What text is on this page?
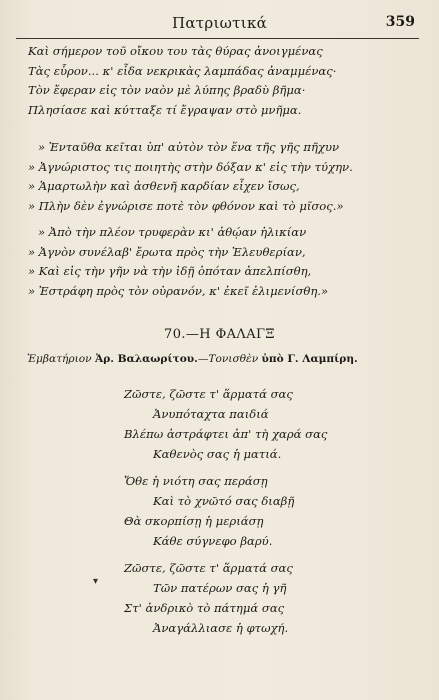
Πατριωτικά	359
Καὶ σήμερον τοῦ οἴκου του τὰς θύρας ἀνοιγμένας
Τὰς εὗρον... κ' εἶδα νεκρικὰς λαμπάδας ἀναμμένας·
Τὸν ἔφεραν εἰς τὸν ναὸν μὲ λύπης βραδὺ βῆμα·
Πλησίασε καὶ κύτταξε τί ἔγραψαν στὸ μνῆμα.
» Ἐνταῦθα κεῖται ὑπ' αὐτὸν τὸν ἕνα τῆς γῆς πῆχυν
» Ἀγνώριστος τις ποιητὴς στὴν δόξαν κ' εἰς τὴν τύχην.
» Ἁμαρτωλὴν καὶ ἀσθενῆ καρδίαν εἶχεν ἴσως,
» Πλὴν δὲν ἐγνώρισε ποτὲ τὸν φθόνον καὶ τὸ μῖσος.»
» Ἀπὸ τὴν πλέον τρυφερὰν κι' ἀθῴαν ἡλικίαν
» Ἀγνὸν συνέλαβ' ἔρωτα πρὸς τὴν Ἐλευθερίαν,
» Καὶ εἰς τὴν γῆν νὰ τὴν ἰδῇ ὁπόταν ἀπελπίσθη,
» Ἐστράφη πρὸς τὸν οὐρανόν, κ' ἐκεῖ ἐλιμενίσθη.»
70.—Η ΦΑΛΑΓΞ
Ἐμβατήριον Ἀρ. Βαλαωρίτου.—Τονισθὲν ὑπὸ Γ. Λαμπίρη.
Ζῶστε, ζῶστε τ' ἅρματά σας
Ἀνυπόταχτα παιδιά
Βλέπω ἀστράφτει ἀπ' τὴ χαρά σας
Καθενὸς σας ἡ ματιά.
Ὅθε ἡ νιότη σας περάσῃ
Καὶ τὸ χνῶτό σας διαβῇ
Θὰ σκορπίσῃ ἡ μεριάσῃ
Κάθε σύγνεφο βαρύ.
Ζῶστε, ζῶστε τ' ἅρματά σας
Τῶν πατέρων σας ἡ γῆ
Στ' ἀνδρικὸ τὸ πάτημά σας
Ἀναγάλλιασε ἡ φτωχή.
▾
